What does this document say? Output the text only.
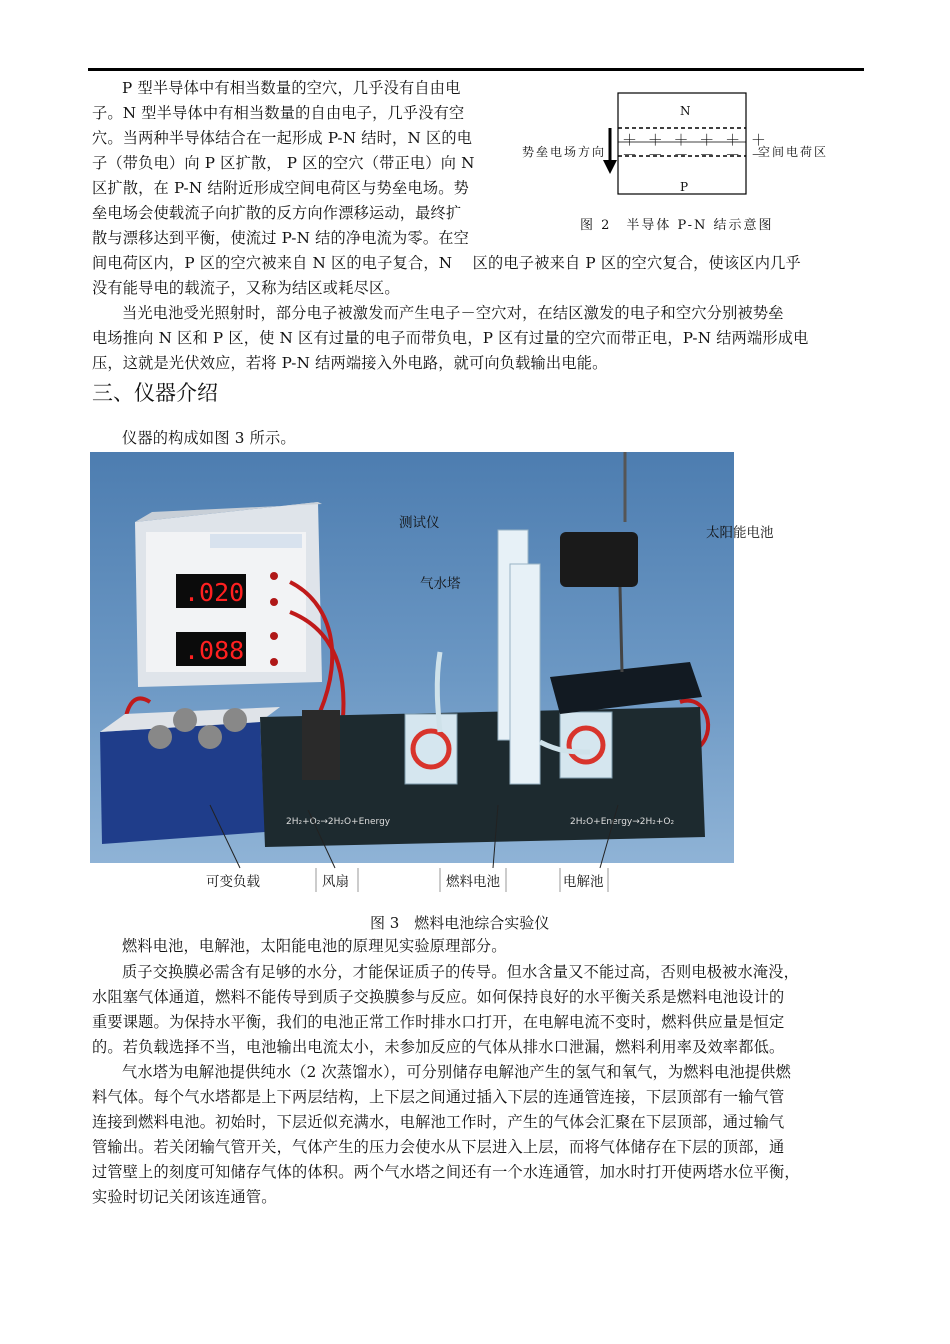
P 型半导体中有相当数量的空穴，几乎没有自由电
子。N 型半导体中有相当数量的自由电子，几乎没有空
穴。当两种半导体结合在一起形成 P-N 结时，N 区的电
子（带负电）向 P 区扩散， P 区的空穴（带正电）向 N
区扩散，在 P-N 结附近形成空间电荷区与势垒电场。势
垒电场会使载流子向扩散的反方向作漂移运动，最终扩
散与漂移达到平衡，使流过 P-N 结的净电流为零。在空
间电荷区内，P 区的空穴被来自 N 区的电子复合，N　 区的电子被来自 P 区的空穴复合，使该区内几乎
没有能导电的载流子，又称为结区或耗尽区。
N
P
＋ ＋ ＋ ＋ ＋ ＋
－ － － － － －
势垒电场方向	空间电荷区
图 2　半导体 P-N 结示意图
当光电池受光照射时，部分电子被激发而产生电子－空穴对，在结区激发的电子和空穴分别被势垒
电场推向 N 区和 P 区，使 N 区有过量的电子而带负电，P 区有过量的空穴而带正电，P-N 结两端形成电
压，这就是光伏效应，若将 P-N 结两端接入外电路，就可向负载输出电能。
三、仪器介绍
仪器的构成如图 3 所示。
.020
.088
2H₂+O₂→2H₂O+Energy	2H₂O+Energy→2H₂+O₂
测试仪
太阳能电池
气水塔
可变负载	风扇	燃料电池	电解池
图 3　燃料电池综合实验仪
燃料电池，电解池，太阳能电池的原理见实验原理部分。
质子交换膜必需含有足够的水分，才能保证质子的传导。但水含量又不能过高，否则电极被水淹没，
水阻塞气体通道，燃料不能传导到质子交换膜参与反应。如何保持良好的水平衡关系是燃料电池设计的
重要课题。为保持水平衡，我们的电池正常工作时排水口打开，在电解电流不变时，燃料供应量是恒定
的。若负载选择不当，电池输出电流太小，未参加反应的气体从排水口泄漏，燃料利用率及效率都低。
气水塔为电解池提供纯水（2 次蒸馏水），可分别储存电解池产生的氢气和氧气，为燃料电池提供燃
料气体。每个气水塔都是上下两层结构，上下层之间通过插入下层的连通管连接，下层顶部有一输气管
连接到燃料电池。初始时，下层近似充满水，电解池工作时，产生的气体会汇聚在下层顶部，通过输气
管输出。若关闭输气管开关，气体产生的压力会使水从下层进入上层，而将气体储存在下层的顶部，通
过管壁上的刻度可知储存气体的体积。两个气水塔之间还有一个水连通管，加水时打开使两塔水位平衡，
实验时切记关闭该连通管。
